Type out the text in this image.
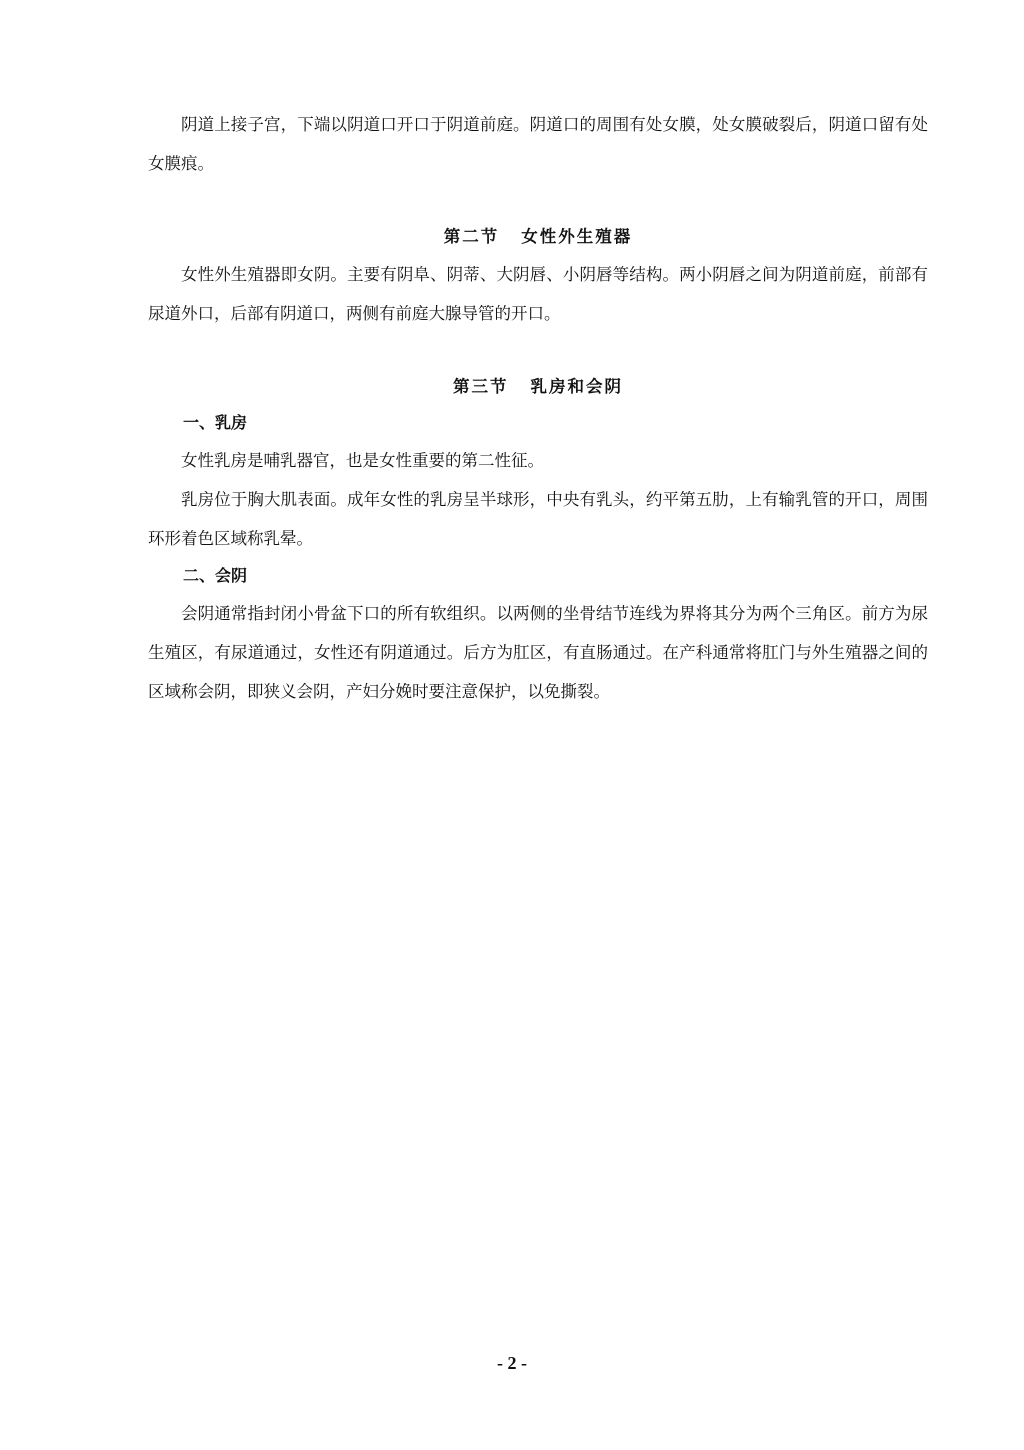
阴道上接子宫，下端以阴道口开口于阴道前庭。阴道口的周围有处女膜，处女膜破裂后，阴道口留有处女膜痕。

第二节 女性外生殖器

女性外生殖器即女阴。主要有阴阜、阴蒂、大阴唇、小阴唇等结构。两小阴唇之间为阴道前庭，前部有尿道外口，后部有阴道口，两侧有前庭大腺导管的开口。

第三节 乳房和会阴
一、乳房

女性乳房是哺乳器官，也是女性重要的第二性征。

乳房位于胸大肌表面。成年女性的乳房呈半球形，中央有乳头，约平第五肋，上有输乳管的开口，周围环形着色区域称乳晕。

二、会阴

会阴通常指封闭小骨盆下口的所有软组织。以两侧的坐骨结节连线为界将其分为两个三角区。前方为尿生殖区，有尿道通过，女性还有阴道通过。后方为肛区，有直肠通过。在产科通常将肛门与外生殖器之间的区域称会阴，即狭义会阴，产妇分娩时要注意保护，以免撕裂。

- 2 -
